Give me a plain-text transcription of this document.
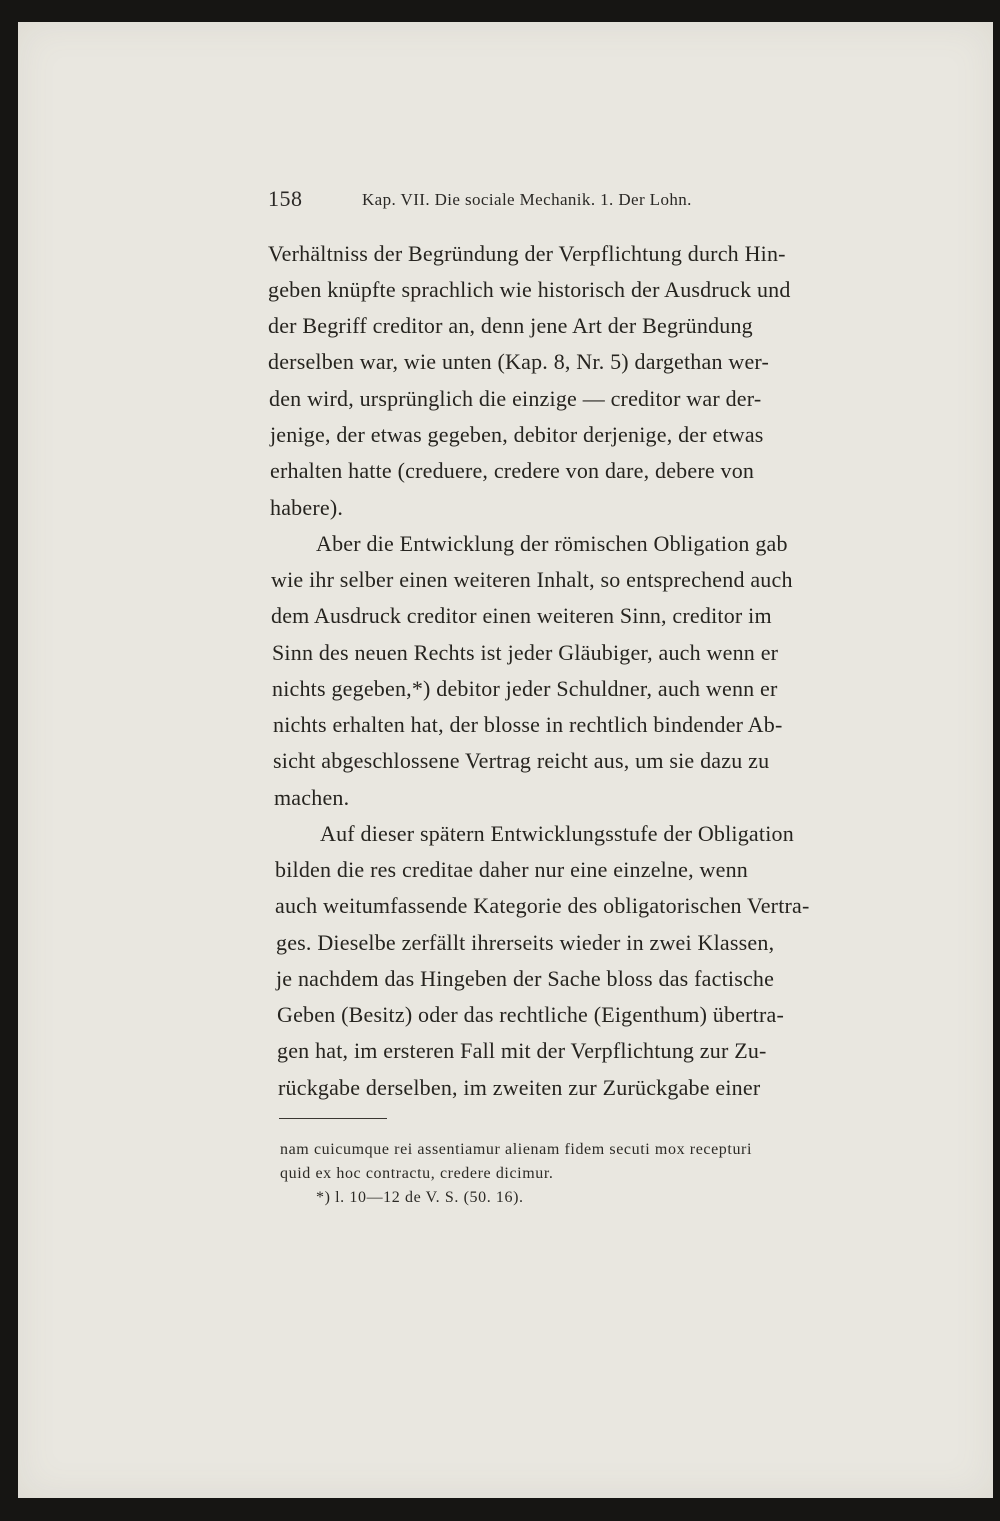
158	Kap. VII. Die sociale Mechanik. 1. Der Lohn.
Verhältniss der Begründung der Verpflichtung durch Hin-
geben knüpfte sprachlich wie historisch der Ausdruck und
der Begriff creditor an, denn jene Art der Begründung
derselben war, wie unten (Kap. 8, Nr. 5) dargethan wer-
den wird, ursprünglich die einzige — creditor war der-
jenige, der etwas gegeben, debitor derjenige, der etwas
erhalten hatte (creduere, credere von dare, debere von
habere).
Aber die Entwicklung der römischen Obligation gab
wie ihr selber einen weiteren Inhalt, so entsprechend auch
dem Ausdruck creditor einen weiteren Sinn, creditor im
Sinn des neuen Rechts ist jeder Gläubiger, auch wenn er
nichts gegeben,*) debitor jeder Schuldner, auch wenn er
nichts erhalten hat, der blosse in rechtlich bindender Ab-
sicht abgeschlossene Vertrag reicht aus, um sie dazu zu
machen.
Auf dieser spätern Entwicklungsstufe der Obligation
bilden die res creditae daher nur eine einzelne, wenn
auch weitumfassende Kategorie des obligatorischen Vertra-
ges. Dieselbe zerfällt ihrerseits wieder in zwei Klassen,
je nachdem das Hingeben der Sache bloss das factische
Geben (Besitz) oder das rechtliche (Eigenthum) übertra-
gen hat, im ersteren Fall mit der Verpflichtung zur Zu-
rückgabe derselben, im zweiten zur Zurückgabe einer
nam cuicumque rei assentiamur alienam fidem secuti mox recepturi
quid ex hoc contractu, credere dicimur.
*) l. 10—12 de V. S. (50. 16).
